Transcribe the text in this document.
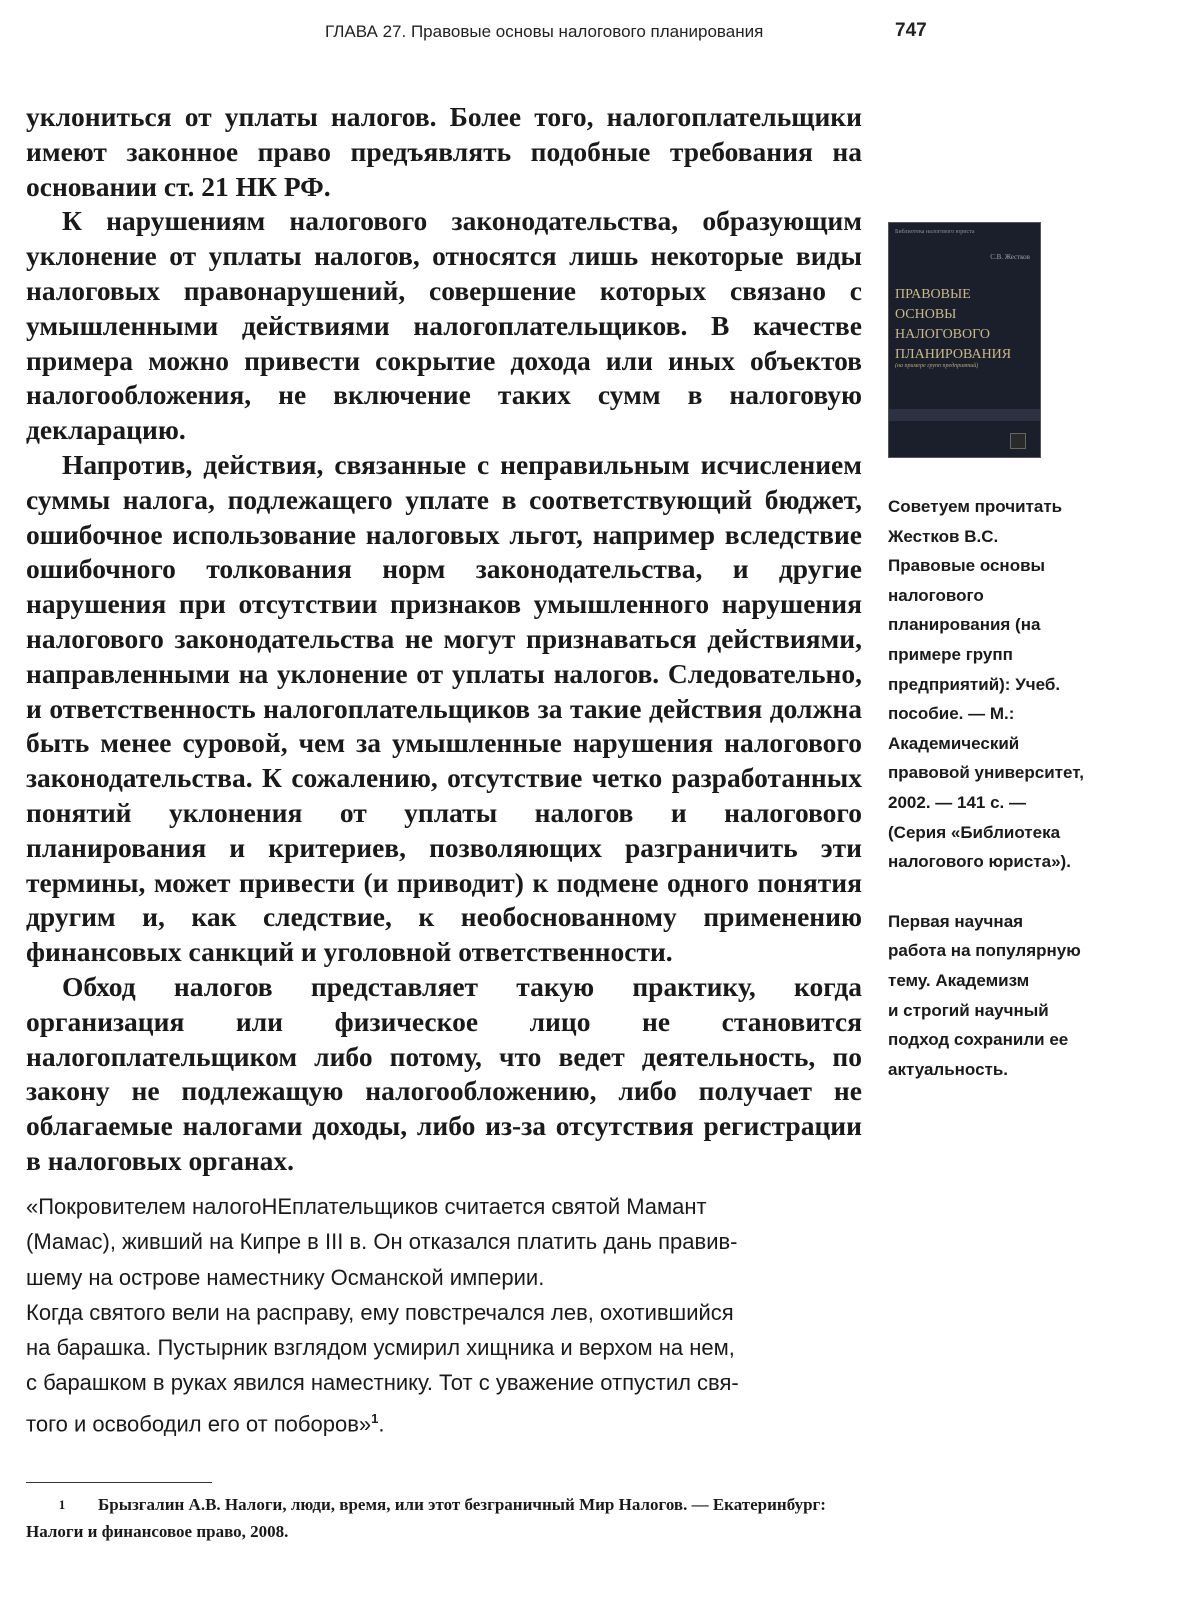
ГЛАВА 27. Правовые основы налогового планирования	747

уклониться от уплаты налогов. Более того, налогоплательщики имеют законное право предъявлять подобные требования на основании ст. 21 НК РФ.

К нарушениям налогового законодательства, образующим уклонение от уплаты налогов, относятся лишь некоторые виды налоговых правонарушений, совершение которых связано с умышленными действиями налогоплательщиков. В качестве примера можно привести сокрытие дохода или иных объектов налогообложения, не включение таких сумм в налоговую декларацию.

Напротив, действия, связанные с неправильным исчислением суммы налога, подлежащего уплате в соответствующий бюджет, ошибочное использование налоговых льгот, например вследствие ошибочного толкования норм законодательства, и другие нарушения при отсутствии признаков умышленного нарушения налогового законодательства не могут признаваться действиями, направленными на уклонение от уплаты налогов. Следовательно, и ответственность налогоплательщиков за такие действия должна быть менее суровой, чем за умышленные нарушения налогового законодательства. К сожалению, отсутствие четко разработанных понятий уклонения от уплаты налогов и налогового планирования и критериев, позволяющих разграничить эти термины, может привести (и приводит) к подмене одного понятия другим и, как следствие, к необоснованному применению финансовых санкций и уголовной ответственности.

Обход налогов представляет такую практику, когда организация или физическое лицо не становится налогоплательщиком либо потому, что ведет деятельность, по закону не подлежащую налогообложению, либо получает не облагаемые налогами доходы, либо из-за отсутствия регистрации в налоговых органах.

Библиотека налогового юриста
С.В. Жестков
ПРАВОВЫЕ ОСНОВЫ НАЛОГОВОГО ПЛАНИРОВАНИЯ
(на примере групп предприятий)
Советуем прочитать
Жестков В.С.
Правовые основы
налогового
планирования (на
примере групп
предприятий): Учеб.
пособие. — М.:
Академический
правовой университет,
2002. — 141 с. —
(Серия «Библиотека
налогового юриста»).
Первая научная
работа на популярную
тему. Академизм
и строгий научный
подход сохранили ее
актуальность.
«Покровителем налогоНЕплательщиков считается святой Мамант
(Мамас), живший на Кипре в III в. Он отказался платить дань правив-
шему на острове наместнику Османской империи.
Когда святого вели на расправу, ему повстречался лев, охотившийся
на барашка. Пустырник взглядом усмирил хищника и верхом на нем,
с барашком в руках явился наместнику. Тот с уважение отпустил свя-
того и освободил его от поборов»$^1$.
1 Брызгалин А.В. Налоги, люди, время, или этот безграничный Мир Налогов. — Екатеринбург: Налоги и финансовое право, 2008.
